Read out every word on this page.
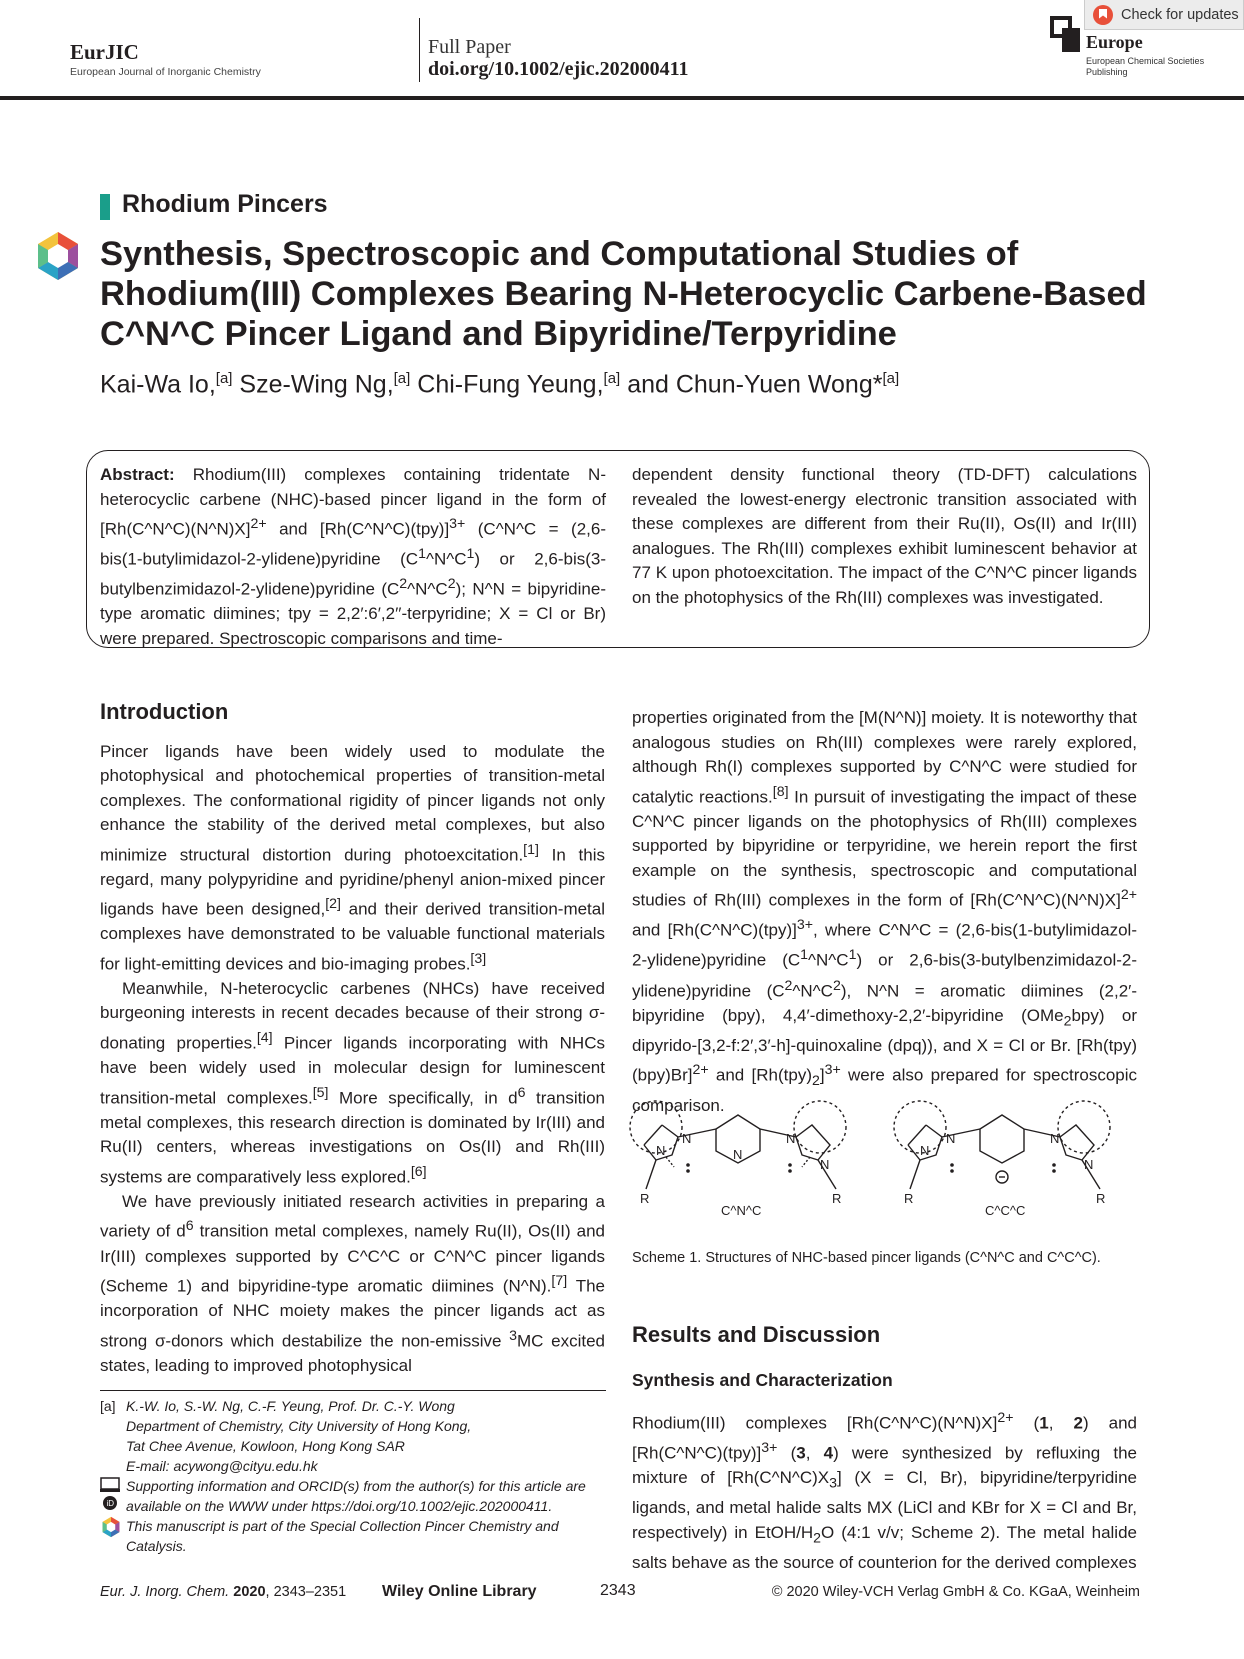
EurJIC
European Journal of Inorganic Chemistry
Full Paper
doi.org/10.1002/ejic.202000411
Europe
European Chemical Societies Publishing
Check for updates
Rhodium Pincers
Synthesis, Spectroscopic and Computational Studies of Rhodium(III) Complexes Bearing N-Heterocyclic Carbene-Based C^N^C Pincer Ligand and Bipyridine/Terpyridine
Kai-Wa Io,[a] Sze-Wing Ng,[a] Chi-Fung Yeung,[a] and Chun-Yuen Wong*[a]
Abstract: Rhodium(III) complexes containing tridentate N-heterocyclic carbene (NHC)-based pincer ligand in the form of [Rh(C^N^C)(N^N)X]$^{2+}$ and [Rh(C^N^C)(tpy)]$^{3+}$ (C^N^C = (2,6-bis(1-butylimidazol-2-ylidene)pyridine $(C^1\^{}N\^{}C^1)$ or 2,6-bis(3-butylbenzimidazol-2-ylidene)pyridine $(C^2\^{}N\^{}C^2)$; N^N = bipyridine-type aromatic diimines; tpy = 2,2′:6′,2′′-terpyridine; X = Cl or Br) were prepared. Spectroscopic comparisons and time-
dependent density functional theory (TD-DFT) calculations revealed the lowest-energy electronic transition associated with these complexes are different from their Ru(II), Os(II) and Ir(III) analogues. The Rh(III) complexes exhibit luminescent behavior at 77 K upon photoexcitation. The impact of the C^N^C pincer ligands on the photophysics of the Rh(III) complexes was investigated.
Introduction

Pincer ligands have been widely used to modulate the photophysical and photochemical properties of transition-metal complexes. The conformational rigidity of pincer ligands not only enhance the stability of the derived metal complexes, but also minimize structural distortion during photoexcitation.[1] In this regard, many polypyridine and pyridine/phenyl anion-mixed pincer ligands have been designed,[2] and their derived transition-metal complexes have demonstrated to be valuable functional materials for light-emitting devices and bio-imaging probes.[3]

Meanwhile, N-heterocyclic carbenes (NHCs) have received burgeoning interests in recent decades because of their strong σ-donating properties.[4] Pincer ligands incorporating with NHCs have been widely used in molecular design for luminescent transition-metal complexes.[5] More specifically, in $d^6$ transition metal complexes, this research direction is dominated by Ir(III) and Ru(II) centers, whereas investigations on Os(II) and Rh(III) systems are comparatively less explored.[6]

We have previously initiated research activities in preparing a variety of $d^6$ transition metal complexes, namely Ru(II), Os(II) and Ir(III) complexes supported by C^C^C or C^N^C pincer ligands (Scheme 1) and bipyridine-type aromatic diimines (N^N).[7] The incorporation of NHC moiety makes the pincer ligands act as strong σ-donors which destabilize the non-emissive $^3$MC excited states, leading to improved photophysical

properties originated from the [M(N^N)] moiety. It is noteworthy that analogous studies on Rh(III) complexes were rarely explored, although Rh(I) complexes supported by C^N^C were studied for catalytic reactions.[8] In pursuit of investigating the impact of these C^N^C pincer ligands on the photophysics of Rh(III) complexes supported by bipyridine or terpyridine, we herein report the first example on the synthesis, spectroscopic and computational studies of Rh(III) complexes in the form of [Rh(C^N^C)(N^N)X]$^{2+}$ and [Rh(C^N^C)(tpy)]$^{3+}$, where C^N^C = (2,6-bis(1-butylimidazol-2-ylidene)pyridine $(C^1\^{}N\^{}C^1)$ or 2,6-bis(3-butylbenzimidazol-2-ylidene)pyridine $(C^2\^{}N\^{}C^2)$, N^N = aromatic diimines (2,2′-bipyridine (bpy), 4,4′-dimethoxy-2,2′-bipyridine (OMe$_2$bpy) or dipyrido-[3,2-f:2′,3′-h]-quinoxaline (dpq)), and X = Cl or Br. $[Rh(tpy)(bpy)Br]^{2+}$ and $[Rh(tpy)_2]^{3+}$ were also prepared for spectroscopic comparison.

N
N
N
N
N
R	R
C^N^C
N
N	N
N
R	R
C^C^C
Scheme 1. Structures of NHC-based pincer ligands (C^N^C and C^C^C).
Results and Discussion
Synthesis and Characterization

Rhodium(III) complexes [Rh(C^N^C)(N^N)X]$^{2+}$ (1, 2) and [Rh(C^N^C)(tpy)]$^{3+}$ (3, 4) were synthesized by refluxing the mixture of $[Rh(C\^{}N\^{}C)X_3] (X = Cl$, Br), bipyridine/terpyridine ligands, and metal halide salts MX (LiCl and KBr for X = Cl and Br, respectively) in EtOH/$H_2O$ (4:1 v/v; Scheme 2). The metal halide salts behave as the source of counterion for the derived complexes

[a] K.-W. Io, S.-W. Ng, C.-F. Yeung, Prof. Dr. C.-Y. Wong
Department of Chemistry, City University of Hong Kong,
Tat Chee Avenue, Kowloon, Hong Kong SAR
E-mail: acywong@cityu.edu.hk
iD
Supporting information and ORCID(s) from the author(s) for this article are available on the WWW under https://doi.org/10.1002/ejic.202000411.
This manuscript is part of the Special Collection Pincer Chemistry and Catalysis.
Eur. J. Inorg. Chem. 2020, 2343–2351 Wiley Online Library	2343	© 2020 Wiley-VCH Verlag GmbH & Co. KGaA, Weinheim
